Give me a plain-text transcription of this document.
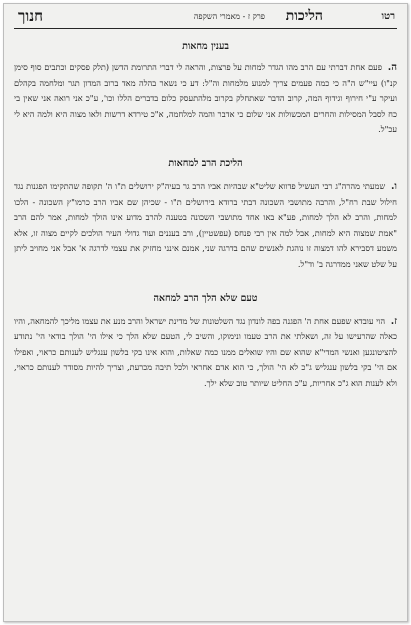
רטו
הליכות
פרק ז - מאמרי השקפה
חנוך
בענין מחאות

ה. פעם אחת דברתי עם הרב מהו הגדר למחות על פרצות, והראה לי דברי התרומת הדשן (תלק פסקים וכתבים סוף סימן קנ"ו) עיי"ש ה"ה כי כמה פעמים צריך למנוע מלמחות וה"ל: דע כי נשאר בהלה מאד ברוב המדון תגר ומלחמה בקהלם ועיקר ע"י חירוף וגידוף המה, קרוב הדבר שאתחלק בקרוב מלהתעסק כלום בדברים הללו וכו', ע"כ אני רואה אני שאין בי כח לסבל המסילות והחרים המכשולות אני שלום כי אדבר והמה למלחמה, א"כ טירדא דרשות ולאו מצוה היא ולמה היא לי עכ"ל.

הליכת הרב למחאות

ו. שמעתי מהרה"ג רבי העשיל פדווא שליט"א שבהיות אביו הרב גר בעיה"ק ירושלים ת"ו ה' תקופה שהתקימו הפגנות נגד חילול שבת רח"ל, והרבה מתושבי השכונה דבתי ברודא בירושלים ת"ו - שכיהן שם אביו הרב כרמו"ץ השכונה - הלכו למחות, והרב לא הלך למחות, פע"א באו אחד מתושבי השכונה בטענה להרב מדוע אינו הולך למחות, אמר להם הרב "אמת שמצוה היא למחות, אבל למה אין רבי פנחס (עפשטיין), ורב בעננים ועוד גדולי העיר הולכים לקיים מצוה זו, אלא משמע דסבירא להו דמצוה זו נוהגת לאנשים שהם בדרגה שני, אמנם אינני מחזיק את עצמי לדרגה א' אבל אני מחויב ליתן על שלט שאני ממדרגה ב' וד"ל.

טעם שלא הלך הרב למחאה

ז. הוי עובדא שפעם אחת ה' הפגנה בפה לונדון נגד השלטונות של מדינת ישראל והרב מנע את עצמו מליכך להמחאה, והיו כאלה שהרעישו על זה, ושאלתי את הרב טעמו ונימוקו, והשיב לי, הטעם שלא הלך כי אילו הי' הולך בודאי הי' נתודע להציטונגען ואנשי המדי"א שהוא שם והיו שואלים ממנו כמה שאלות, והוא אינו בקי בלשון ענגליש לענותם כראוי, ואפילו אם הי' בקי בלשון ענגליש ג"כ לא הי' הולך, כי הוא אדם אחראי ולכל תיבה מכרעת, וצריך להיות מסודר לענותם כראוי, ולא לענות הוא ג"כ אחריות, ע"כ החליט שיותר טוב שלא ילך.
